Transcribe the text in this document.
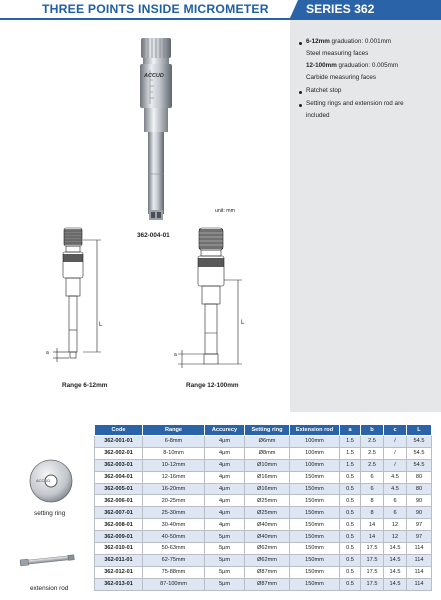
THREE POINTS INSIDE MICROMETER	SERIES 362
6-12mm graduation: 0.001mm
Steel measuring faces
12-100mm graduation: 0.005mm
Carbide measuring faces
Ratchet stop
Setting rings and extension rod are
included
ACCUD
362-004-01
unit: mm
L
a
Range 6-12mm
L
a
Range 12-100mm
ACCUD
setting ring
extension rod
Code	Range	Accurecy	Setting ring	Extension rod	a	b	c	L
362-001-01	6-8mm	4μm	Ø6mm	100mm	1.5	2.5	/	54.5
362-002-01	8-10mm	4μm	Ø8mm	100mm	1.5	2.5	/	54.5
362-003-01	10-12mm	4μm	Ø10mm	100mm	1.5	2.5	/	54.5
362-004-01	12-16mm	4μm	Ø16mm	150mm	0.5	6	4.5	80
362-005-01	16-20mm	4μm	Ø16mm	150mm	0.5	6	4.5	80
362-006-01	20-25mm	4μm	Ø25mm	150mm	0.5	8	6	90
362-007-01	25-30mm	4μm	Ø25mm	150mm	0.5	8	6	90
362-008-01	30-40mm	4μm	Ø40mm	150mm	0.5	14	12	97
362-009-01	40-50mm	5μm	Ø40mm	150mm	0.5	14	12	97
362-010-01	50-63mm	5μm	Ø62mm	150mm	0.5	17.5	14.5	114
362-011-01	62-75mm	5μm	Ø62mm	150mm	0.5	17.5	14.5	114
362-012-01	75-88mm	5μm	Ø87mm	150mm	0.5	17.5	14.5	114
362-013-01	87-100mm	5μm	Ø87mm	150mm	0.5	17.5	14.5	114
